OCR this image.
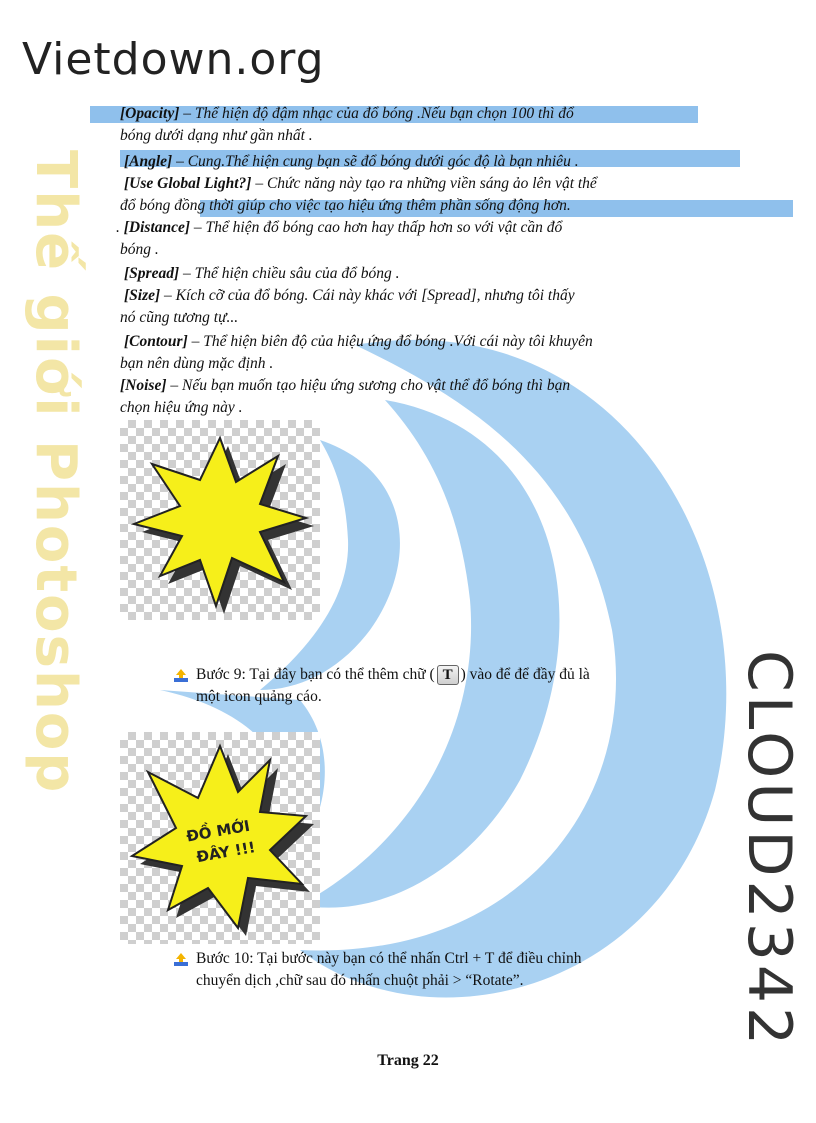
Vietdown.org
Thế giới Photoshop
CLOUD2342
[Opacity] – Thể hiện độ đậm nhạc của đổ bóng .Nếu bạn chọn 100 thì đổ
bóng dưới dạng như gần nhất .
[Angle] – Cung.Thể hiện cung bạn sẽ đổ bóng dưới góc độ là bạn nhiêu .
[Use Global Light?] – Chức năng này tạo ra những viền sáng ảo lên vật thể
đổ bóng đồng thời giúp cho việc tạo hiệu ứng thêm phần sống động hơn.
. [Distance] – Thể hiện đổ bóng cao hơn hay thấp hơn so với vật cần đổ
bóng .
[Spread] – Thể hiện chiều sâu của đổ bóng .
[Size] – Kích cỡ của đổ bóng. Cái này khác với [Spread], nhưng tôi thấy
nó cũng tương tự...
[Contour] – Thể hiện biên độ của hiệu ứng đổ bóng .Với cái này tôi khuyên
bạn nên dùng mặc định .
[Noise] – Nếu bạn muốn tạo hiệu ứng sương cho vật thể đổ bóng thì bạn
chọn hiệu ứng này .
Bước 9: Tại đây bạn có thể thêm chữ ( T ) vào để để đầy đủ là
một icon quảng cáo.
ĐỒ MỚI
ĐÂY !!!
Bước 10: Tại bước này bạn có thể nhấn Ctrl + T để điều chỉnh
chuyển dịch ,chữ sau đó nhấn chuột phải > “Rotate”.
Trang 22
